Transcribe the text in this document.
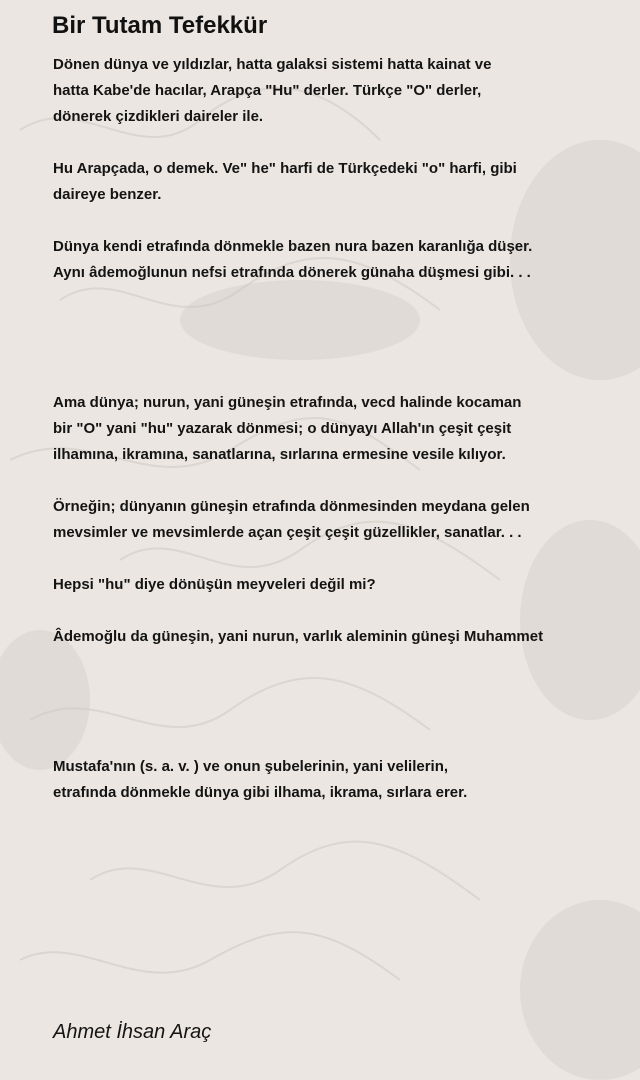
Bir Tutam Tefekkür
Dönen dünya ve yıldızlar, hatta galaksi sistemi hatta kainat ve
hatta Kabe'de hacılar, Arapça "Hu" derler. Türkçe "O" derler,
dönerek çizdikleri daireler ile.
Hu Arapçada, o demek. Ve" he" harfi de Türkçedeki "o" harfi, gibi
daireye benzer.
Dünya kendi etrafında dönmekle bazen nura bazen karanlığa düşer.
Aynı âdemoğlunun nefsi etrafında dönerek günaha düşmesi gibi. . .
Ama dünya; nurun, yani güneşin etrafında, vecd halinde kocaman
bir "O" yani "hu" yazarak dönmesi; o dünyayı Allah'ın çeşit çeşit
ilhamına, ikramına, sanatlarına, sırlarına ermesine vesile kılıyor.
Örneğin; dünyanın güneşin etrafında dönmesinden meydana gelen
mevsimler ve mevsimlerde açan çeşit çeşit güzellikler, sanatlar. . .
Hepsi "hu" diye dönüşün meyveleri değil mi?
Âdemoğlu da güneşin, yani nurun, varlık aleminin güneşi Muhammet
Mustafa'nın (s. a. v. ) ve onun şubelerinin, yani velilerin,
etrafında dönmekle dünya gibi ilhama, ikrama, sırlara erer.
Ahmet İhsan Araç
